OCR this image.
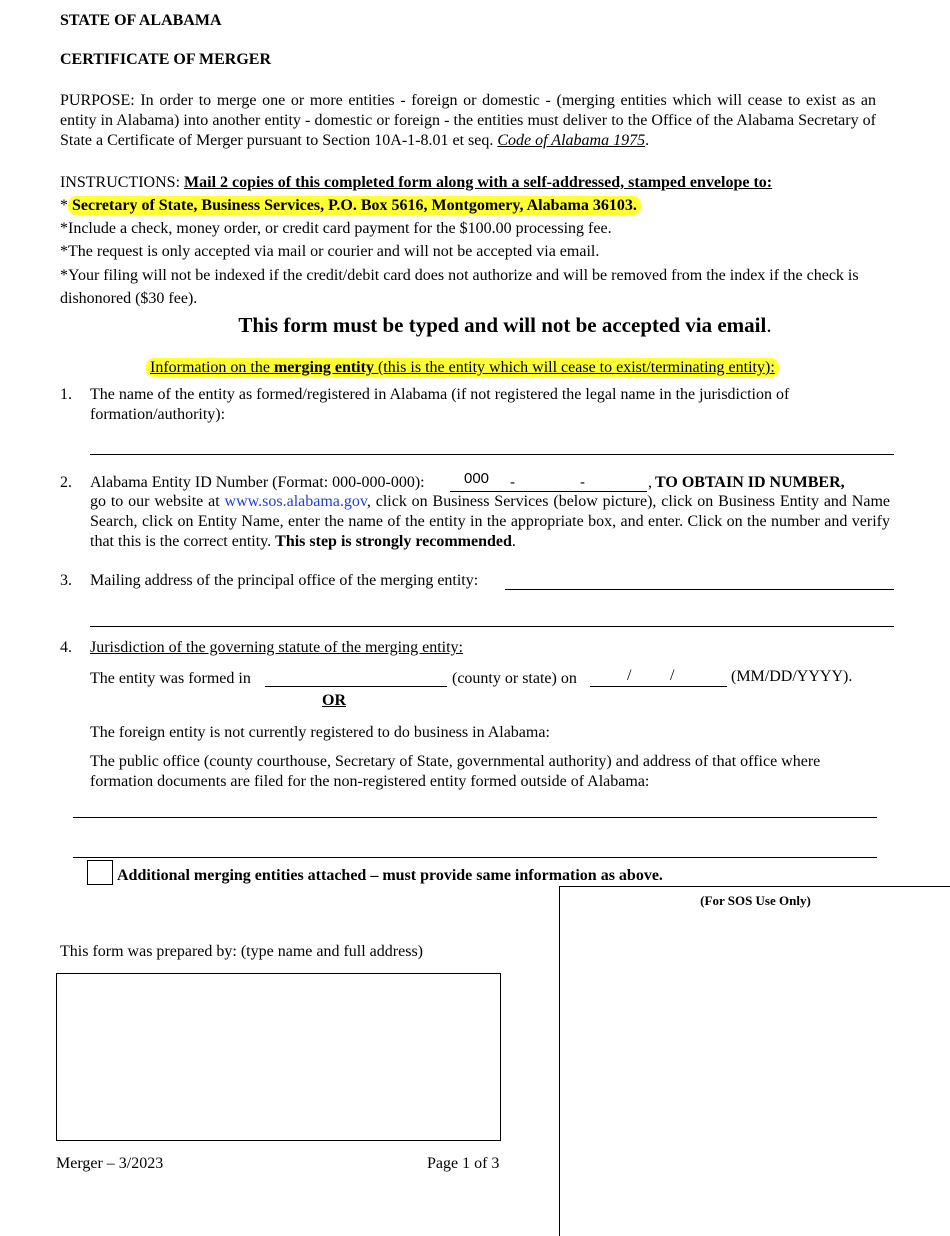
STATE OF ALABAMA
CERTIFICATE OF MERGER
PURPOSE: In order to merge one or more entities - foreign or domestic - (merging entities which will cease to exist as an entity in Alabama) into another entity - domestic or foreign - the entities must deliver to the Office of the Alabama Secretary of State a Certificate of Merger pursuant to Section 10A-1-8.01 et seq. Code of Alabama 1975.
INSTRUCTIONS: Mail 2 copies of this completed form along with a self-addressed, stamped envelope to:
* Secretary of State, Business Services, P.O. Box 5616, Montgomery, Alabama 36103.
*Include a check, money order, or credit card payment for the $100.00 processing fee.
*The request is only accepted via mail or courier and will not be accepted via email.
*Your filing will not be indexed if the credit/debit card does not authorize and will be removed from the index if the check is dishonored ($30 fee).
This form must be typed and will not be accepted via email.
Information on the merging entity (this is the entity which will cease to exist/terminating entity):
1. The name of the entity as formed/registered in Alabama (if not registered the legal name in the jurisdiction of formation/authority):
2. Alabama Entity ID Number (Format: 000-000-000):	000 -	-	, TO OBTAIN ID NUMBER,
go to our website at www.sos.alabama.gov, click on Business Services (below picture), click on Business Entity and Name Search, click on Entity Name, enter the name of the entity in the appropriate box, and enter. Click on the number and verify that this is the correct entity. This step is strongly recommended.
3. Mailing address of the principal office of the merging entity:
4. Jurisdiction of the governing statute of the merging entity:
The entity was formed in	(county or state) on	/ /	(MM/DD/YYYY).
OR
The foreign entity is not currently registered to do business in Alabama:
The public office (county courthouse, Secretary of State, governmental authority) and address of that office where formation documents are filed for the non-registered entity formed outside of Alabama:
Additional merging entities attached – must provide same information as above.
(For SOS Use Only)
This form was prepared by: (type name and full address)
Merger – 3/2023	Page 1 of 3
